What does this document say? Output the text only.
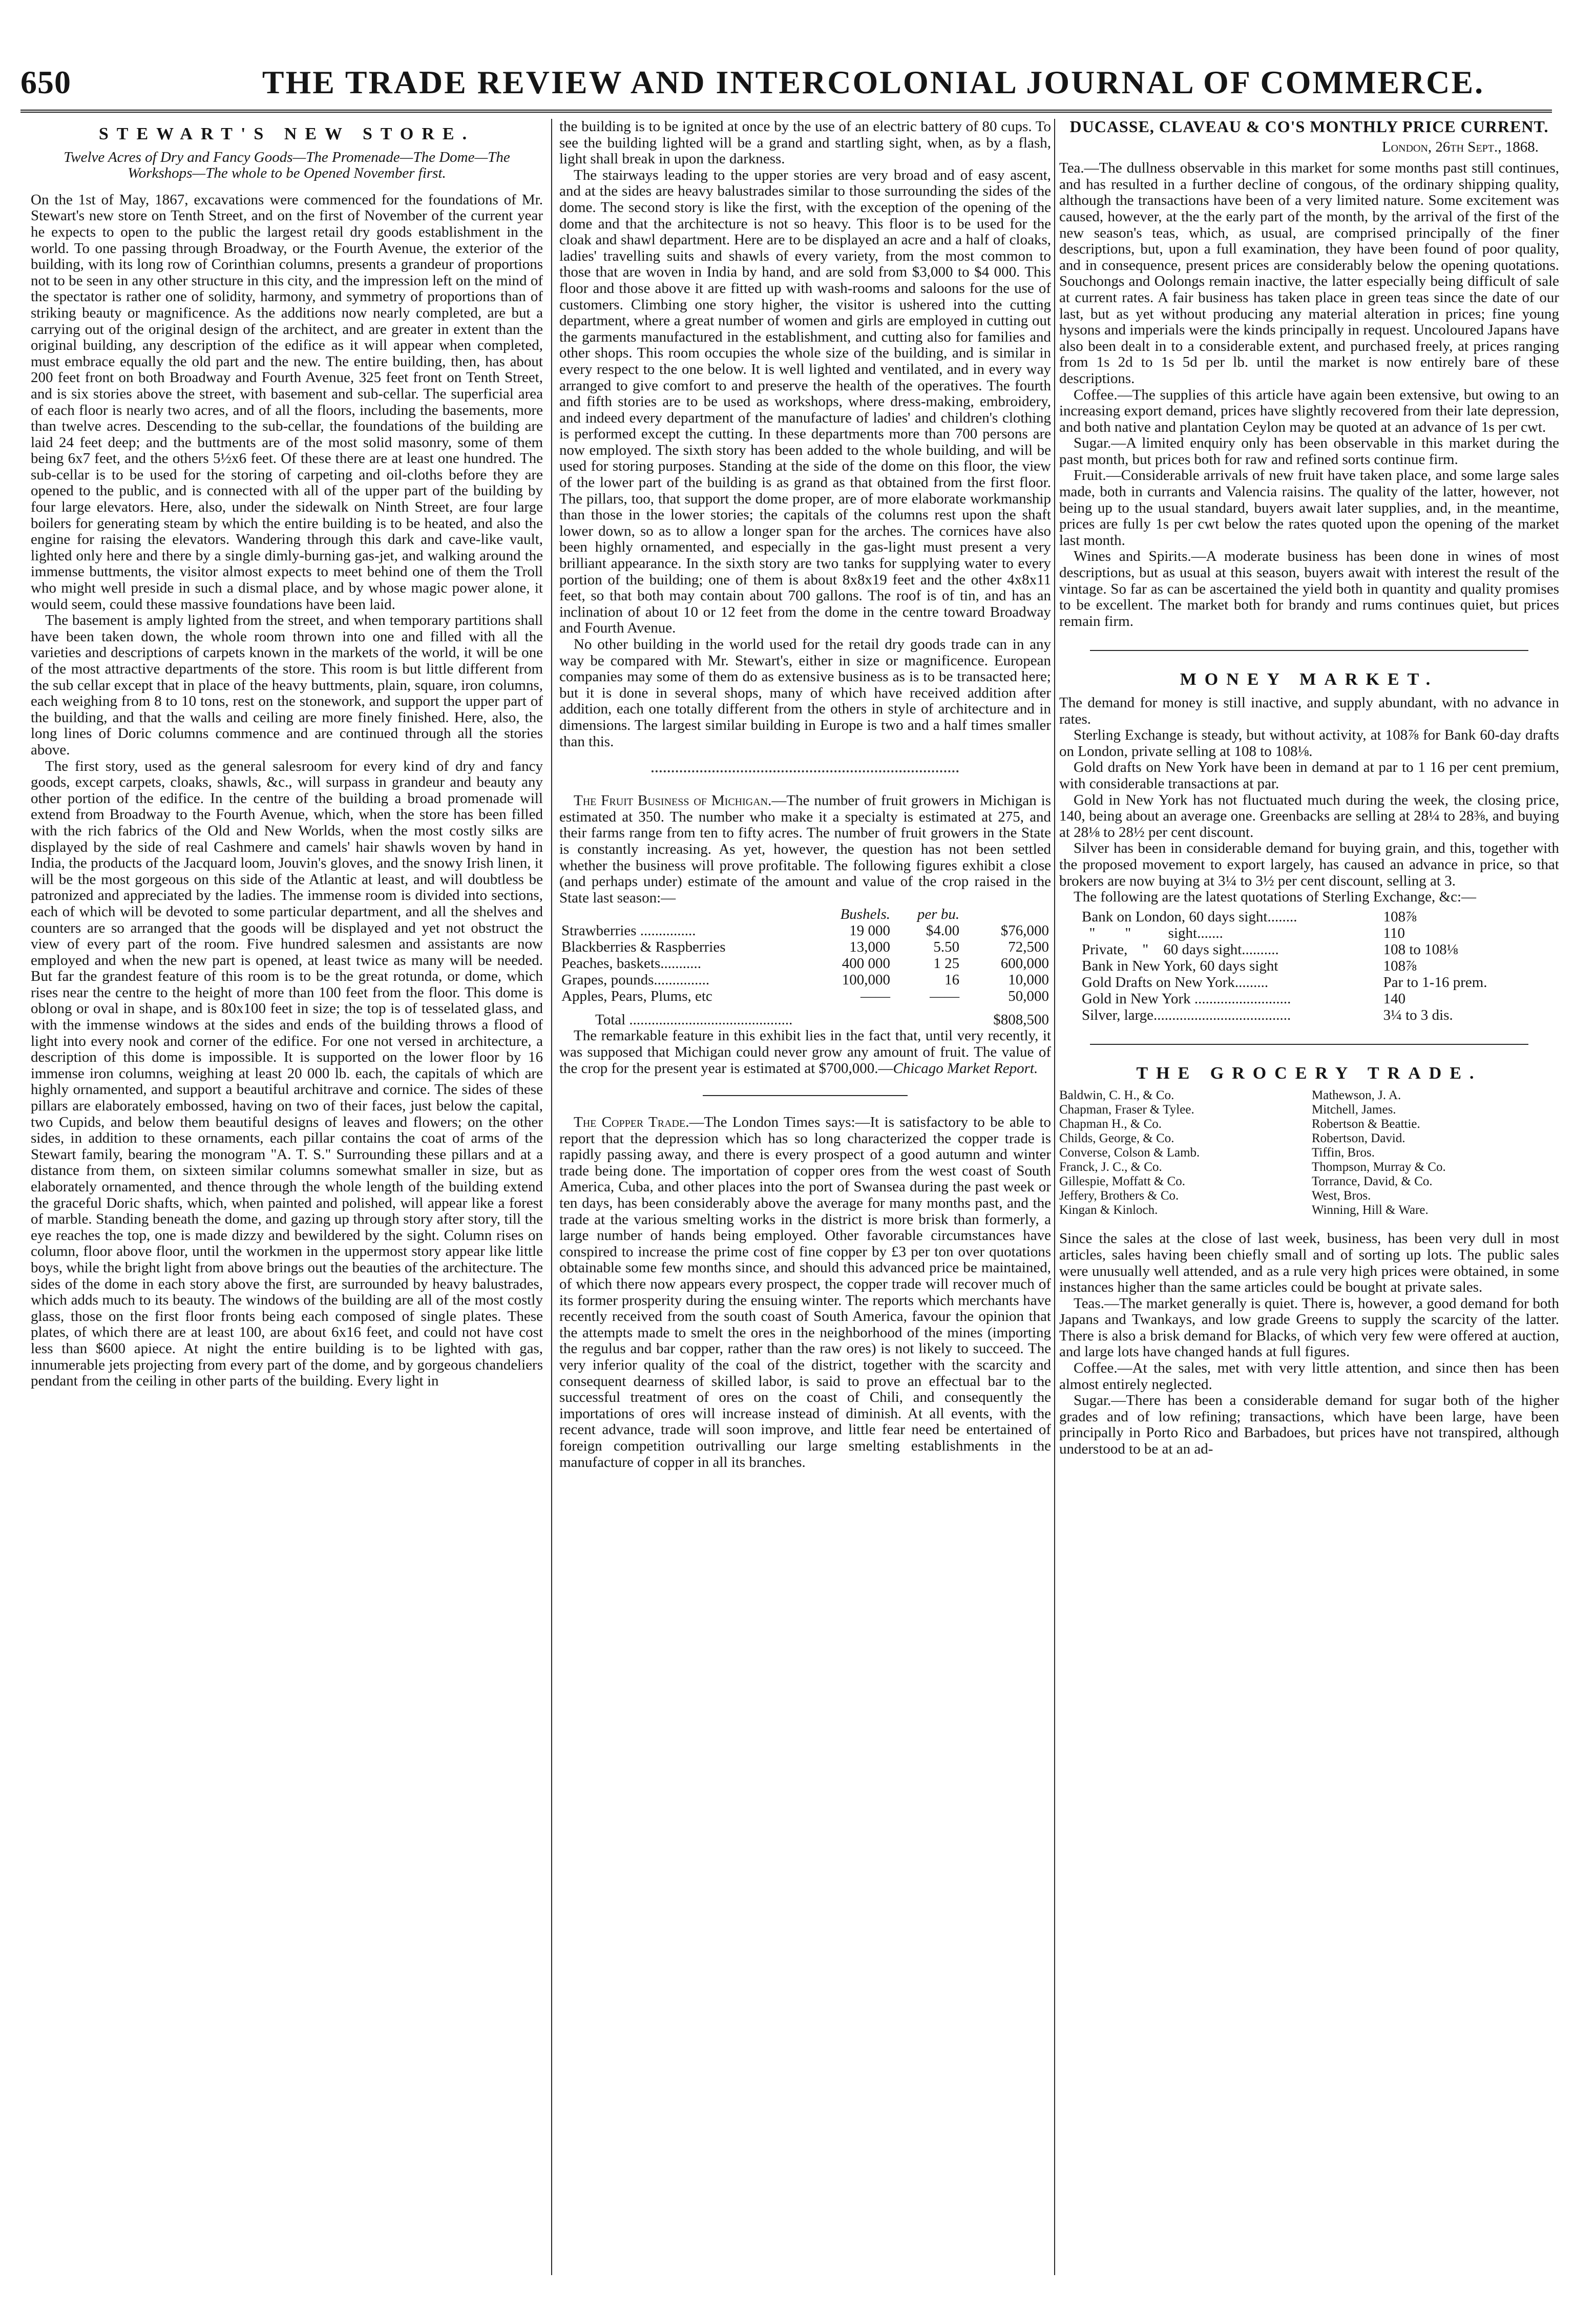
650	THE TRADE REVIEW AND INTERCOLONIAL JOURNAL OF COMMERCE.
STEWART'S NEW STORE.
Twelve Acres of Dry and Fancy Goods—The Promenade—The Dome—The Workshops—The whole to be Opened November first.

On the 1st of May, 1867, excavations were commenced for the foundations of Mr. Stewart's new store on Tenth Street, and on the first of November of the current year he expects to open to the public the largest retail dry goods establishment in the world. To one passing through Broadway, or the Fourth Avenue, the exterior of the building, with its long row of Corinthian columns, presents a grandeur of proportions not to be seen in any other structure in this city, and the impression left on the mind of the spectator is rather one of solidity, harmony, and symmetry of proportions than of striking beauty or magnificence. As the additions now nearly completed, are but a carrying out of the original design of the architect, and are greater in extent than the original building, any description of the edifice as it will appear when completed, must embrace equally the old part and the new. The entire building, then, has about 200 feet front on both Broadway and Fourth Avenue, 325 feet front on Tenth Street, and is six stories above the street, with basement and sub-cellar. The superficial area of each floor is nearly two acres, and of all the floors, including the basements, more than twelve acres. Descending to the sub-cellar, the foundations of the building are laid 24 feet deep; and the buttments are of the most solid masonry, some of them being 6x7 feet, and the others 5½x6 feet. Of these there are at least one hundred. The sub-cellar is to be used for the storing of carpeting and oil-cloths before they are opened to the public, and is connected with all of the upper part of the building by four large elevators. Here, also, under the sidewalk on Ninth Street, are four large boilers for generating steam by which the entire building is to be heated, and also the engine for raising the elevators. Wandering through this dark and cave-like vault, lighted only here and there by a single dimly-burning gas-jet, and walking around the immense buttments, the visitor almost expects to meet behind one of them the Troll who might well preside in such a dismal place, and by whose magic power alone, it would seem, could these massive foundations have been laid.

The basement is amply lighted from the street, and when temporary partitions shall have been taken down, the whole room thrown into one and filled with all the varieties and descriptions of carpets known in the markets of the world, it will be one of the most attractive departments of the store. This room is but little different from the sub cellar except that in place of the heavy buttments, plain, square, iron columns, each weighing from 8 to 10 tons, rest on the stonework, and support the upper part of the building, and that the walls and ceiling are more finely finished. Here, also, the long lines of Doric columns commence and are continued through all the stories above.

The first story, used as the general salesroom for every kind of dry and fancy goods, except carpets, cloaks, shawls, &c., will surpass in grandeur and beauty any other portion of the edifice. In the centre of the building a broad promenade will extend from Broadway to the Fourth Avenue, which, when the store has been filled with the rich fabrics of the Old and New Worlds, when the most costly silks are displayed by the side of real Cashmere and camels' hair shawls woven by hand in India, the products of the Jacquard loom, Jouvin's gloves, and the snowy Irish linen, it will be the most gorgeous on this side of the Atlantic at least, and will doubtless be patronized and appreciated by the ladies. The immense room is divided into sections, each of which will be devoted to some particular department, and all the shelves and counters are so arranged that the goods will be displayed and yet not obstruct the view of every part of the room. Five hundred salesmen and assistants are now employed and when the new part is opened, at least twice as many will be needed. But far the grandest feature of this room is to be the great rotunda, or dome, which rises near the centre to the height of more than 100 feet from the floor. This dome is oblong or oval in shape, and is 80x100 feet in size; the top is of tesselated glass, and with the immense windows at the sides and ends of the building throws a flood of light into every nook and corner of the edifice. For one not versed in architecture, a description of this dome is impossible. It is supported on the lower floor by 16 immense iron columns, weighing at least 20 000 lb. each, the capitals of which are highly ornamented, and support a beautiful architrave and cornice. The sides of these pillars are elaborately embossed, having on two of their faces, just below the capital, two Cupids, and below them beautiful designs of leaves and flowers; on the other sides, in addition to these ornaments, each pillar contains the coat of arms of the Stewart family, bearing the monogram "A. T. S." Surrounding these pillars and at a distance from them, on sixteen similar columns somewhat smaller in size, but as elaborately ornamented, and thence through the whole length of the building extend the graceful Doric shafts, which, when painted and polished, will appear like a forest of marble. Standing beneath the dome, and gazing up through story after story, till the eye reaches the top, one is made dizzy and bewildered by the sight. Column rises on column, floor above floor, until the workmen in the uppermost story appear like little boys, while the bright light from above brings out the beauties of the architecture. The sides of the dome in each story above the first, are surrounded by heavy balustrades, which adds much to its beauty. The windows of the building are all of the most costly glass, those on the first floor fronts being each composed of single plates. These plates, of which there are at least 100, are about 6x16 feet, and could not have cost less than $600 apiece. At night the entire building is to be lighted with gas, innumerable jets projecting from every part of the dome, and by gorgeous chandeliers pendant from the ceiling in other parts of the building. Every light in

the building is to be ignited at once by the use of an electric battery of 80 cups. To see the building lighted will be a grand and startling sight, when, as by a flash, light shall break in upon the darkness.

The stairways leading to the upper stories are very broad and of easy ascent, and at the sides are heavy balustrades similar to those surrounding the sides of the dome. The second story is like the first, with the exception of the opening of the dome and that the architecture is not so heavy. This floor is to be used for the cloak and shawl department. Here are to be displayed an acre and a half of cloaks, ladies' travelling suits and shawls of every variety, from the most common to those that are woven in India by hand, and are sold from $3,000 to $4 000. This floor and those above it are fitted up with wash-rooms and saloons for the use of customers. Climbing one story higher, the visitor is ushered into the cutting department, where a great number of women and girls are employed in cutting out the garments manufactured in the establishment, and cutting also for families and other shops. This room occupies the whole size of the building, and is similar in every respect to the one below. It is well lighted and ventilated, and in every way arranged to give comfort to and preserve the health of the operatives. The fourth and fifth stories are to be used as workshops, where dress-making, embroidery, and indeed every department of the manufacture of ladies' and children's clothing is performed except the cutting. In these departments more than 700 persons are now employed. The sixth story has been added to the whole building, and will be used for storing purposes. Standing at the side of the dome on this floor, the view of the lower part of the building is as grand as that obtained from the first floor. The pillars, too, that support the dome proper, are of more elaborate workmanship than those in the lower stories; the capitals of the columns rest upon the shaft lower down, so as to allow a longer span for the arches. The cornices have also been highly ornamented, and especially in the gas-light must present a very brilliant appearance. In the sixth story are two tanks for supplying water to every portion of the building; one of them is about 8x8x19 feet and the other 4x8x11 feet, so that both may contain about 700 gallons. The roof is of tin, and has an inclination of about 10 or 12 feet from the dome in the centre toward Broadway and Fourth Avenue.

No other building in the world used for the retail dry goods trade can in any way be compared with Mr. Stewart's, either in size or magnificence. European companies may some of them do as extensive business as is to be transacted here; but it is done in several shops, many of which have received addition after addition, each one totally different from the others in style of architecture and in dimensions. The largest similar building in Europe is two and a half times smaller than this.

The Fruit Business of Michigan.—The number of fruit growers in Michigan is estimated at 350. The number who make it a specialty is estimated at 275, and their farms range from ten to fifty acres. The number of fruit growers in the State is constantly increasing. As yet, however, the question has not been settled whether the business will prove profitable. The following figures exhibit a close (and perhaps under) estimate of the amount and value of the crop raised in the State last season:—

	Bushels.	per bu.	
Strawberries ...............	19 000	$4.00	$76,000
Blackberries & Raspberries	13,000	5.50	72,500
Peaches, baskets...........	400 000	1 25	600,000
Grapes, pounds...............	100,000	16	10,000
Apples, Pears, Plums, etc	——	——	50,000
Total ............................................			$808,500

The remarkable feature in this exhibit lies in the fact that, until very recently, it was supposed that Michigan could never grow any amount of fruit. The value of the crop for the present year is estimated at $700,000.—Chicago Market Report.

The Copper Trade.—The London Times says:—It is satisfactory to be able to report that the depression which has so long characterized the copper trade is rapidly passing away, and there is every prospect of a good autumn and winter trade being done. The importation of copper ores from the west coast of South America, Cuba, and other places into the port of Swansea during the past week or ten days, has been considerably above the average for many months past, and the trade at the various smelting works in the district is more brisk than formerly, a large number of hands being employed. Other favorable circumstances have conspired to increase the prime cost of fine copper by £3 per ton over quotations obtainable some few months since, and should this advanced price be maintained, of which there now appears every prospect, the copper trade will recover much of its former prosperity during the ensuing winter. The reports which merchants have recently received from the south coast of South America, favour the opinion that the attempts made to smelt the ores in the neighborhood of the mines (importing the regulus and bar copper, rather than the raw ores) is not likely to succeed. The very inferior quality of the coal of the district, together with the scarcity and consequent dearness of skilled labor, is said to prove an effectual bar to the successful treatment of ores on the coast of Chili, and consequently the importations of ores will increase instead of diminish. At all events, with the recent advance, trade will soon improve, and little fear need be entertained of foreign competition outrivalling our large smelting establishments in the manufacture of copper in all its branches.

DUCASSE, CLAVEAU & CO'S MONTHLY PRICE CURRENT.
London, 26th Sept., 1868.

Tea.—The dullness observable in this market for some months past still continues, and has resulted in a further decline of congous, of the ordinary shipping quality, although the transactions have been of a very limited nature. Some excitement was caused, however, at the the early part of the month, by the arrival of the first of the new season's teas, which, as usual, are comprised principally of the finer descriptions, but, upon a full examination, they have been found of poor quality, and in consequence, present prices are considerably below the opening quotations. Souchongs and Oolongs remain inactive, the latter especially being difficult of sale at current rates. A fair business has taken place in green teas since the date of our last, but as yet without producing any material alteration in prices; fine young hysons and imperials were the kinds principally in request. Uncoloured Japans have also been dealt in to a considerable extent, and purchased freely, at prices ranging from 1s 2d to 1s 5d per lb. until the market is now entirely bare of these descriptions.

Coffee.—The supplies of this article have again been extensive, but owing to an increasing export demand, prices have slightly recovered from their late depression, and both native and plantation Ceylon may be quoted at an advance of 1s per cwt.

Sugar.—A limited enquiry only has been observable in this market during the past month, but prices both for raw and refined sorts continue firm.

Fruit.—Considerable arrivals of new fruit have taken place, and some large sales made, both in currants and Valencia raisins. The quality of the latter, however, not being up to the usual standard, buyers await later supplies, and, in the meantime, prices are fully 1s per cwt below the rates quoted upon the opening of the market last month.

Wines and Spirits.—A moderate business has been done in wines of most descriptions, but as usual at this season, buyers await with interest the result of the vintage. So far as can be ascertained the yield both in quantity and quality promises to be excellent. The market both for brandy and rums continues quiet, but prices remain firm.

MONEY MARKET.

The demand for money is still inactive, and supply abundant, with no advance in rates.

Sterling Exchange is steady, but without activity, at 108⅞ for Bank 60-day drafts on London, private selling at 108 to 108⅛.

Gold drafts on New York have been in demand at par to 1 16 per cent premium, with considerable transactions at par.

Gold in New York has not fluctuated much during the week, the closing price, 140, being about an average one. Greenbacks are selling at 28¼ to 28⅜, and buying at 28⅛ to 28½ per cent discount.

Silver has been in considerable demand for buying grain, and this, together with the proposed movement to export largely, has caused an advance in price, so that brokers are now buying at 3¼ to 3½ per cent discount, selling at 3.

The following are the latest quotations of Sterling Exchange, &c:—

Bank on London, 60 days sight........	108⅞
"        "          sight.......	110
Private,    "    60 days sight..........	108 to 108⅛
Bank in New York, 60 days sight	108⅞
Gold Drafts on New York.........	Par to 1-16 prem.
Gold in New York ..........................	140
Silver, large.....................................	3¼ to 3 dis.
THE GROCERY TRADE.
Baldwin, C. H., & Co.
Chapman, Fraser & Tylee.
Chapman H., & Co.
Childs, George, & Co.
Converse, Colson & Lamb.
Franck, J. C., & Co.
Gillespie, Moffatt & Co.
Jeffery, Brothers & Co.
Kingan & Kinloch.
Mathewson, J. A.
Mitchell, James.
Robertson & Beattie.
Robertson, David.
Tiffin, Bros.
Thompson, Murray & Co.
Torrance, David, & Co.
West, Bros.
Winning, Hill & Ware.

Since the sales at the close of last week, business, has been very dull in most articles, sales having been chiefly small and of sorting up lots. The public sales were unusually well attended, and as a rule very high prices were obtained, in some instances higher than the same articles could be bought at private sales.

Teas.—The market generally is quiet. There is, however, a good demand for both Japans and Twankays, and low grade Greens to supply the scarcity of the latter. There is also a brisk demand for Blacks, of which very few were offered at auction, and large lots have changed hands at full figures.

Coffee.—At the sales, met with very little attention, and since then has been almost entirely neglected.

Sugar.—There has been a considerable demand for sugar both of the higher grades and of low refining; transactions, which have been large, have been principally in Porto Rico and Barbadoes, but prices have not transpired, although understood to be at an ad-
